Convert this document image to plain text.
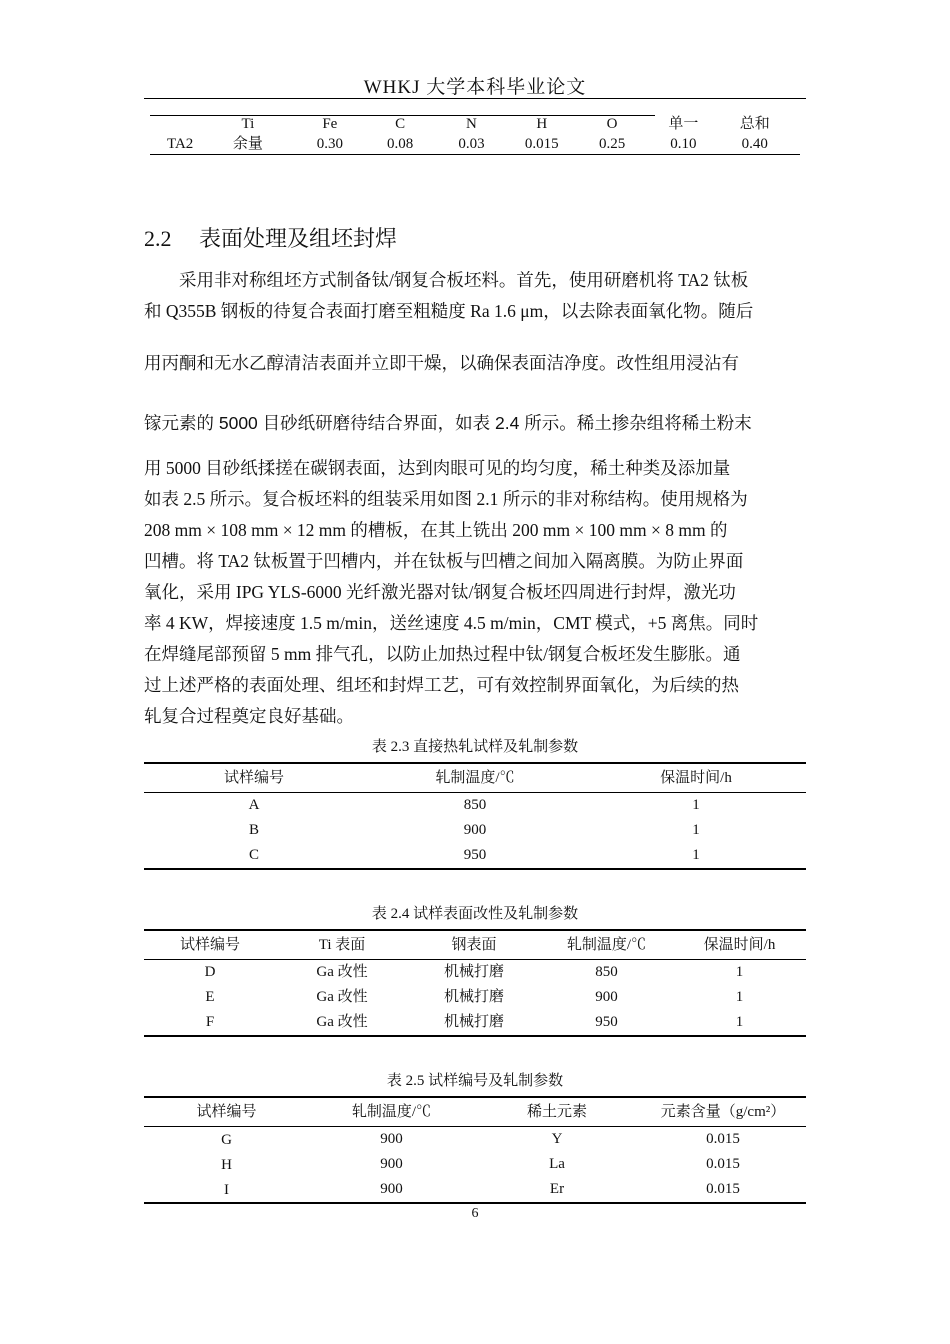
WHKJ 大学本科毕业论文
	Ti	Fe	C	N	H	O	单一	总和
TA2	余量	0.30	0.08	0.03	0.015	0.25	0.10	0.40
2.2 表面处理及组坯封焊
　　采用非对称组坯方式制备钛/钢复合板坯料。首先，使用研磨机将 TA2 钛板
和 Q355B 钢板的待复合表面打磨至粗糙度 Ra 1.6 μm，以去除表面氧化物。随后
用丙酮和无水乙醇清洁表面并立即干燥，以确保表面洁净度。改性组用浸沾有
镓元素的 5000 目砂纸研磨待结合界面，如表 2.4 所示。稀土掺杂组将稀土粉末
用 5000 目砂纸揉搓在碳钢表面，达到肉眼可见的均匀度，稀土种类及添加量
如表 2.5 所示。复合板坯料的组装采用如图 2.1 所示的非对称结构。使用规格为
208 mm × 108 mm × 12 mm 的槽板，在其上铣出 200 mm × 100 mm × 8 mm 的
凹槽。将 TA2 钛板置于凹槽内，并在钛板与凹槽之间加入隔离膜。为防止界面
氧化，采用 IPG YLS-6000 光纤激光器对钛/钢复合板坯四周进行封焊，激光功
率 4 KW，焊接速度 1.5 m/min，送丝速度 4.5 m/min，CMT 模式，+5 离焦。同时
在焊缝尾部预留 5 mm 排气孔，以防止加热过程中钛/钢复合板坯发生膨胀。通
过上述严格的表面处理、组坯和封焊工艺，可有效控制界面氧化，为后续的热
轧复合过程奠定良好基础。
表 2.3 直接热轧试样及轧制参数
试样编号	轧制温度/℃	保温时间/h
A	850	1
B	900	1
C	950	1
表 2.4 试样表面改性及轧制参数
试样编号	Ti 表面	钢表面	轧制温度/℃	保温时间/h
D	Ga 改性	机械打磨	850	1
E	Ga 改性	机械打磨	900	1
F	Ga 改性	机械打磨	950	1
表 2.5 试样编号及轧制参数
试样编号	轧制温度/℃	稀土元素	元素含量（g/cm²）
G	900	Y	0.015
H	900	La	0.015
I	900	Er	0.015
6
